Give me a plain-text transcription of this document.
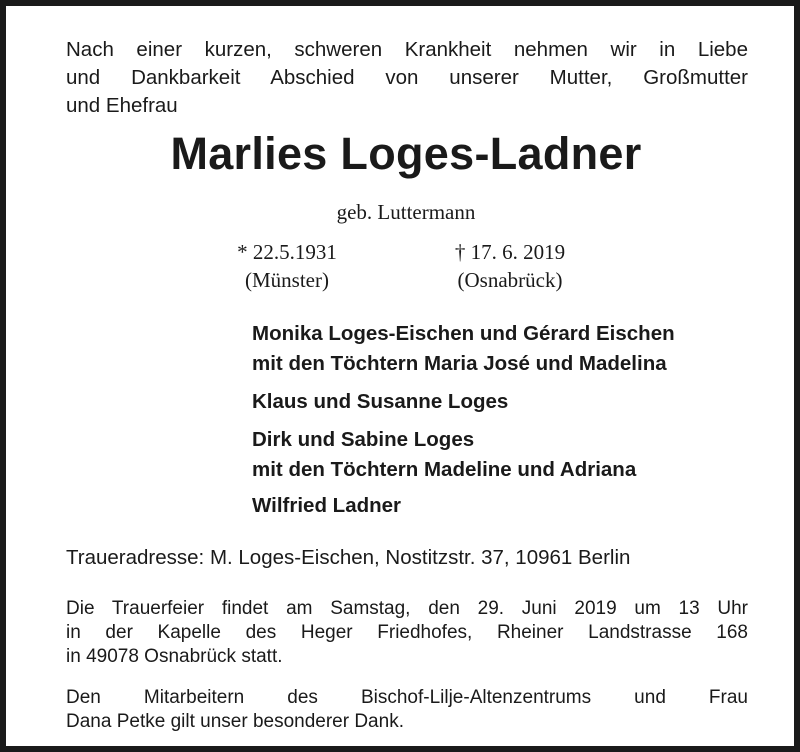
Nach einer kurzen, schweren Krankheit nehmen wir in Liebe
und Dankbarkeit Abschied von unserer Mutter, Großmutter
und Ehefrau
Marlies Loges-Ladner
geb. Luttermann
* 22.5.1931	† 17. 6. 2019
(Münster)	(Osnabrück)
Monika Loges-Eischen und Gérard Eischen
mit den Töchtern Maria José und Madelina
Klaus und Susanne Loges
Dirk und Sabine Loges
mit den Töchtern Madeline und Adriana
Wilfried Ladner
Traueradresse: M. Loges-Eischen, Nostitzstr. 37, 10961 Berlin
Die Trauerfeier findet am Samstag, den 29. Juni 2019 um 13 Uhr
in der Kapelle des Heger Friedhofes, Rheiner Landstrasse 168
in 49078 Osnabrück statt.
Den Mitarbeitern des Bischof-Lilje-Altenzentrums und Frau
Dana Petke gilt unser besonderer Dank.
